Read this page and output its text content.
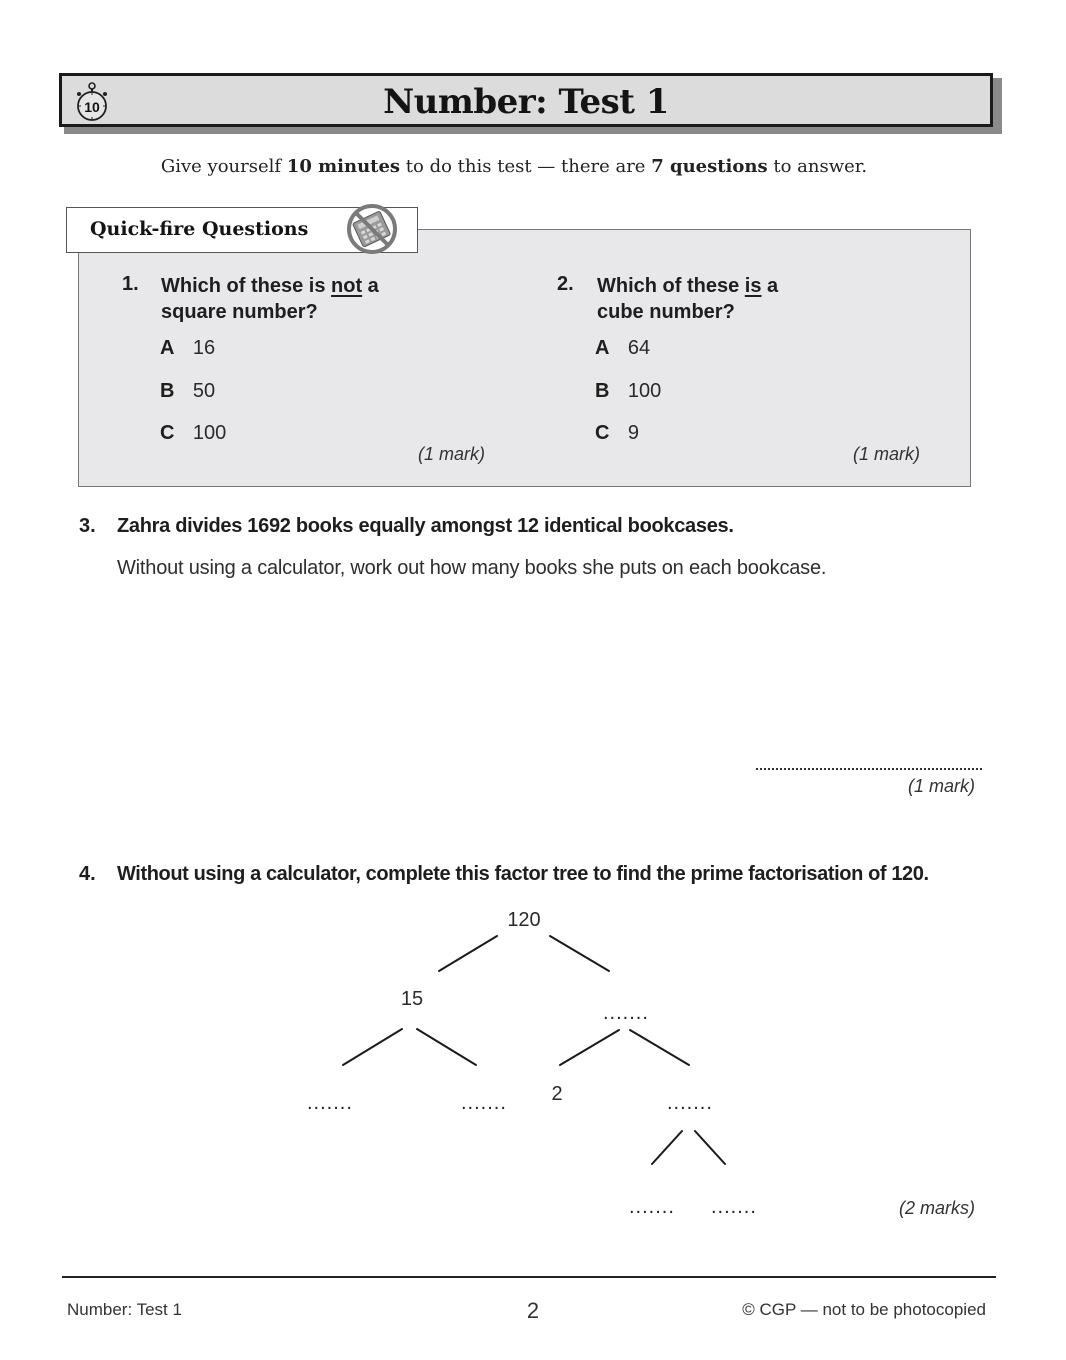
10	Number: Test 1
Give yourself 10 minutes to do this test — there are 7 questions to answer.
Quick-fire Questions
1. Which of these is not a
square number?
A 16
B 50
C 100
(1 mark)
2. Which of these is a
cube number?
A 64
B 100
C 9
(1 mark)
3. Zahra divides 1692 books equally amongst 12 identical bookcases.
Without using a calculator, work out how many books she puts on each bookcase.
(1 mark)
4. Without using a calculator, complete this factor tree to find the prime factorisation of 120.
120
15
.......
.......	.......	2	.......
....... .......	(2 marks)
Number: Test 1	2	© CGP — not to be photocopied
